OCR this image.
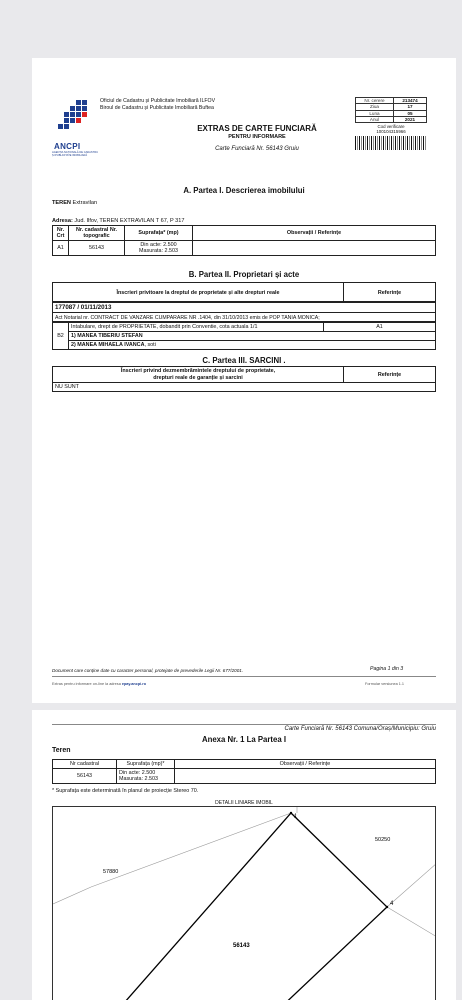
ANCPI
AGENȚIA NAȚIONALĂ DE CADASTRU ȘI PUBLICITATE IMOBILIARĂ
Oficiul de Cadastru și Publicitate Imobiliară ILFOV
Biroul de Cadastru și Publicitate Imobiliară Buftea
EXTRAS DE CARTE FUNCIARĂ
PENTRU INFORMARE
Carte Funciară Nr. 56143 Gruiu
Nr. cerere	213474
Ziua	17
Luna	05
Anul	2021
Cod verificare
100104315966
A. Partea I. Descrierea imobilului
TEREN Extravilan
Adresa: Jud. Ilfov, TEREN EXTRAVILAN T 67, P 317
Nr. Crt	Nr. cadastral Nr. topografic	Suprafața* (mp)	Observații / Referințe
A1	56143	Din acte: 2.500
Masurata: 2.503	

B. Partea II. Proprietari și acte
Înscrieri privitoare la dreptul de proprietate și alte drepturi reale	Referințe
177087 / 01/11/2013
Act Notarial nr. CONTRACT DE VANZARE CUMPARARE NR .1404, din 31/10/2013 emis de POP TANIA MONICA;
B2	Intabulare, drept de PROPRIETATE, dobandit prin Conventie, cota actuala 1/1	A1
1) MANEA TIBERIU STEFAN
2) MANEA MIHAELA IVANCA, soti
C. Partea III. SARCINI .
Înscrieri privind dezmembrămintele dreptului de proprietate,
drepturi reale de garanție și sarcini	Referințe
NU SUNT
Document care conține date cu caracter personal, protejate de prevederile Legii Nr. 677/2001.	Pagina 1 din 3
Extras pentru informare on-line la adresa epay.ancpi.ro	Formular versiunea 1.1
Carte Funciară Nr. 56143 Comuna/Oraș/Municipiu: Gruiu
Anexa Nr. 1 La Partea I
Teren
Nr cadastral	Suprafața (mp)*	Observații / Referințe
56143	Din acte: 2.500
Masurata: 2.503	

* Suprafața este determinată în planul de proiecție Stereo 70.
DETALII LINIARE IMOBIL
1
4
57880
50250
56143
